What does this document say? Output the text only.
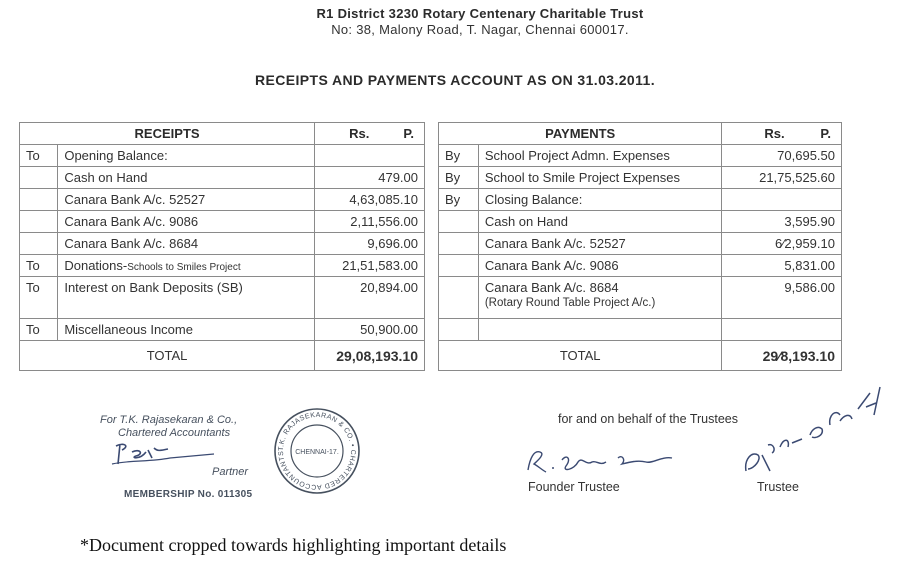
R1 District 3230 Rotary Centenary Charitable Trust
No: 38, Malony Road, T. Nagar, Chennai 600017.
RECEIPTS AND PAYMENTS ACCOUNT AS ON 31.03.2011.
RECEIPTS		Rs. P.

To	Opening Balance:	
	Cash on Hand	479.00
	Canara Bank A/c. 52527	4,63,085.10
	Canara Bank A/c. 9086	2,11,556.00
	Canara Bank A/c. 8684	9,696.00
To	Donations-Schools to Smiles Project	21,51,583.00
To	Interest on Bank Deposits (SB)	20,894.00
To	Miscellaneous Income	50,900.00
TOTAL		29,08,193.10
PAYMENTS		Rs. P.

By	School Project Admn. Expenses	70,695.50
By	School to Smile Project Expenses	21,75,525.60
By	Closing Balance:	
	Cash on Hand	3,595.90
	Canara Bank A/c. 52527	6⁄2,959.10
	Canara Bank A/c. 9086	5,831.00

	Canara Bank A/c. 8684
(Rotary Round Table Project A/c.)	9,586.00

TOTAL		29⁄8,193.10
For T.K. Rajasekaran & Co.,
Chartered Accountants
Partner
MEMBERSHIP No. 011305
T.K. RAJASEKARAN & CO. • CHARTERED ACCOUNTANTS	CHENNAI-17.
for and on behalf of the Trustees
Founder Trustee	Trustee
*Document cropped towards highlighting important details
